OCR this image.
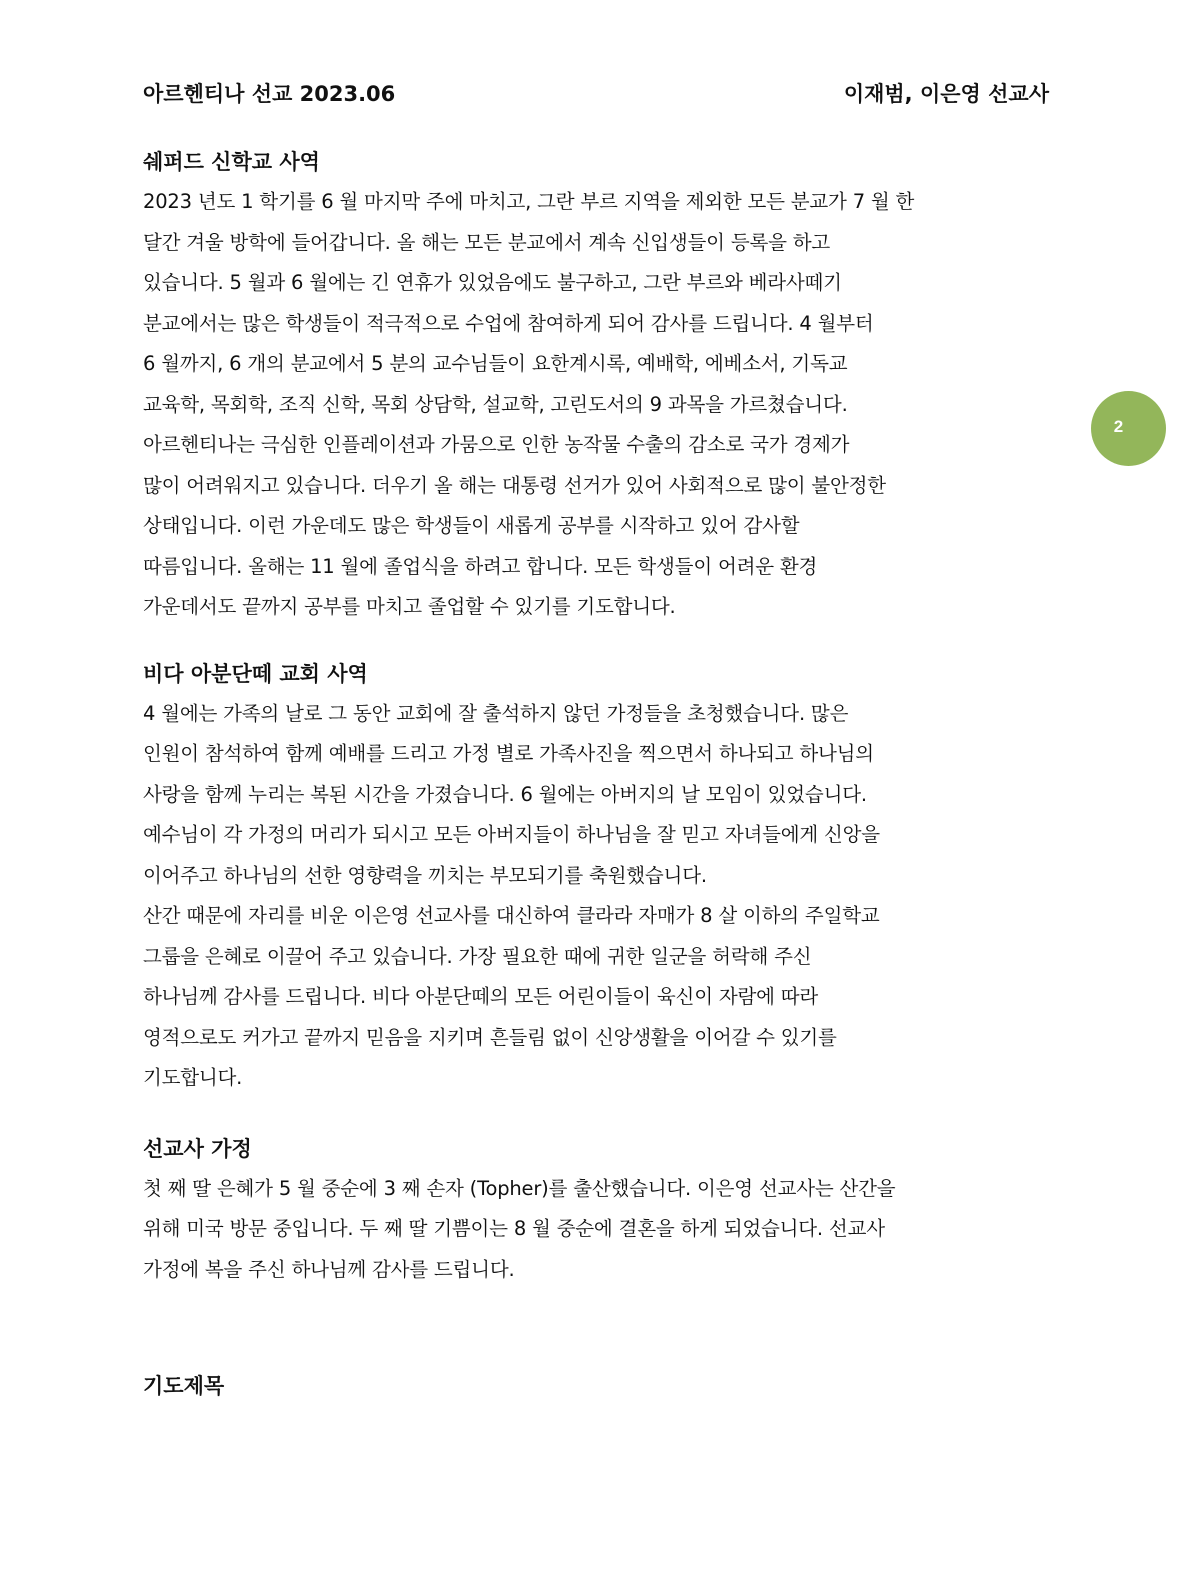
아르헨티나 선교 2023.06	이재범, 이은영 선교사
2
쉐퍼드 신학교 사역
2023 년도 1 학기를 6 월 마지막 주에 마치고, 그란 부르 지역을 제외한 모든 분교가 7 월 한
달간 겨울 방학에 들어갑니다. 올 해는 모든 분교에서 계속 신입생들이 등록을 하고
있습니다. 5 월과 6 월에는 긴 연휴가 있었음에도 불구하고, 그란 부르와 베라사떼기
분교에서는 많은 학생들이 적극적으로 수업에 참여하게 되어 감사를 드립니다. 4 월부터
6 월까지, 6 개의 분교에서 5 분의 교수님들이 요한계시록, 예배학, 에베소서, 기독교
교육학, 목회학, 조직 신학, 목회 상담학, 설교학, 고린도서의 9 과목을 가르쳤습니다.
아르헨티나는 극심한 인플레이션과 가뭄으로 인한 농작물 수출의 감소로 국가 경제가
많이 어려워지고 있습니다. 더우기 올 해는 대통령 선거가 있어 사회적으로 많이 불안정한
상태입니다. 이런 가운데도 많은 학생들이 새롭게 공부를 시작하고 있어 감사할
따름입니다. 올해는 11 월에 졸업식을 하려고 합니다. 모든 학생들이 어려운 환경
가운데서도 끝까지 공부를 마치고 졸업할 수 있기를 기도합니다.
비다 아분단떼 교회 사역
4 월에는 가족의 날로 그 동안 교회에 잘 출석하지 않던 가정들을 초청했습니다. 많은
인원이 참석하여 함께 예배를 드리고 가정 별로 가족사진을 찍으면서 하나되고 하나님의
사랑을 함께 누리는 복된 시간을 가졌습니다. 6 월에는 아버지의 날 모임이 있었습니다.
예수님이 각 가정의 머리가 되시고 모든 아버지들이 하나님을 잘 믿고 자녀들에게 신앙을
이어주고 하나님의 선한 영향력을 끼치는 부모되기를 축원했습니다.
산간 때문에 자리를 비운 이은영 선교사를 대신하여 클라라 자매가 8 살 이하의 주일학교
그룹을 은혜로 이끌어 주고 있습니다. 가장 필요한 때에 귀한 일군을 허락해 주신
하나님께 감사를 드립니다. 비다 아분단떼의 모든 어린이들이 육신이 자람에 따라
영적으로도 커가고 끝까지 믿음을 지키며 흔들림 없이 신앙생활을 이어갈 수 있기를
기도합니다.
선교사 가정
첫 째 딸 은혜가 5 월 중순에 3 째 손자 (Topher)를 출산했습니다. 이은영 선교사는 산간을
위해 미국 방문 중입니다. 두 째 딸 기쁨이는 8 월 중순에 결혼을 하게 되었습니다. 선교사
가정에 복을 주신 하나님께 감사를 드립니다.
기도제목
